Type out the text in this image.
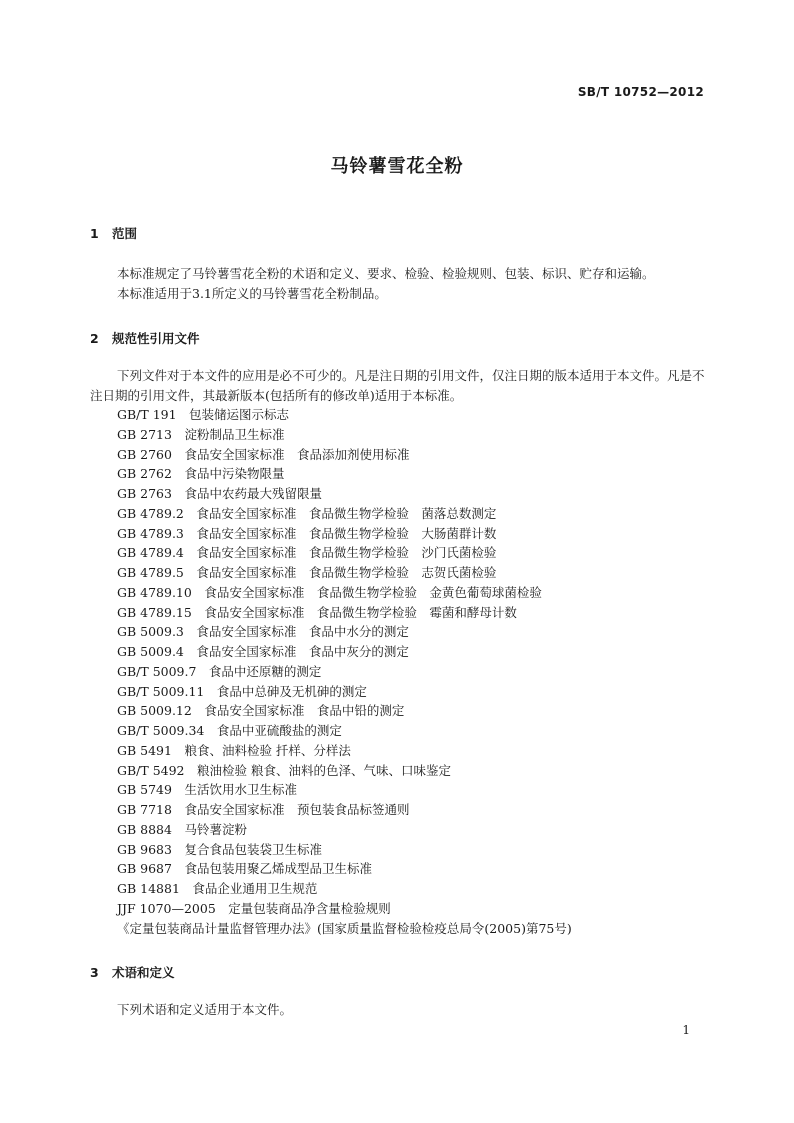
SB/T 10752—2012
马铃薯雪花全粉
1 范围

本标准规定了马铃薯雪花全粉的术语和定义、要求、检验、检验规则、包装、标识、贮存和运输。

本标准适用于3.1所定义的马铃薯雪花全粉制品。

2 规范性引用文件

下列文件对于本文件的应用是必不可少的。凡是注日期的引用文件，仅注日期的版本适用于本文件。凡是不注日期的引用文件，其最新版本(包括所有的修改单)适用于本标准。

GB/T 191　包装储运图示标志
GB 2713　淀粉制品卫生标准
GB 2760　食品安全国家标准　食品添加剂使用标准
GB 2762　食品中污染物限量
GB 2763　食品中农药最大残留限量
GB 4789.2　食品安全国家标准　食品微生物学检验　菌落总数测定
GB 4789.3　食品安全国家标准　食品微生物学检验　大肠菌群计数
GB 4789.4　食品安全国家标准　食品微生物学检验　沙门氏菌检验
GB 4789.5　食品安全国家标准　食品微生物学检验　志贺氏菌检验
GB 4789.10　食品安全国家标准　食品微生物学检验　金黄色葡萄球菌检验
GB 4789.15　食品安全国家标准　食品微生物学检验　霉菌和酵母计数
GB 5009.3　食品安全国家标准　食品中水分的测定
GB 5009.4　食品安全国家标准　食品中灰分的测定
GB/T 5009.7　食品中还原糖的测定
GB/T 5009.11　食品中总砷及无机砷的测定
GB 5009.12　食品安全国家标准　食品中铅的测定
GB/T 5009.34　食品中亚硫酸盐的测定
GB 5491　粮食、油料检验 扦样、分样法
GB/T 5492　粮油检验 粮食、油料的色泽、气味、口味鉴定
GB 5749　生活饮用水卫生标准
GB 7718　食品安全国家标准　预包装食品标签通则
GB 8884　马铃薯淀粉
GB 9683　复合食品包装袋卫生标准
GB 9687　食品包装用聚乙烯成型品卫生标准
GB 14881　食品企业通用卫生规范
JJF 1070—2005　定量包装商品净含量检验规则
《定量包装商品计量监督管理办法》(国家质量监督检验检疫总局令(2005)第75号)
3 术语和定义

下列术语和定义适用于本文件。

1
